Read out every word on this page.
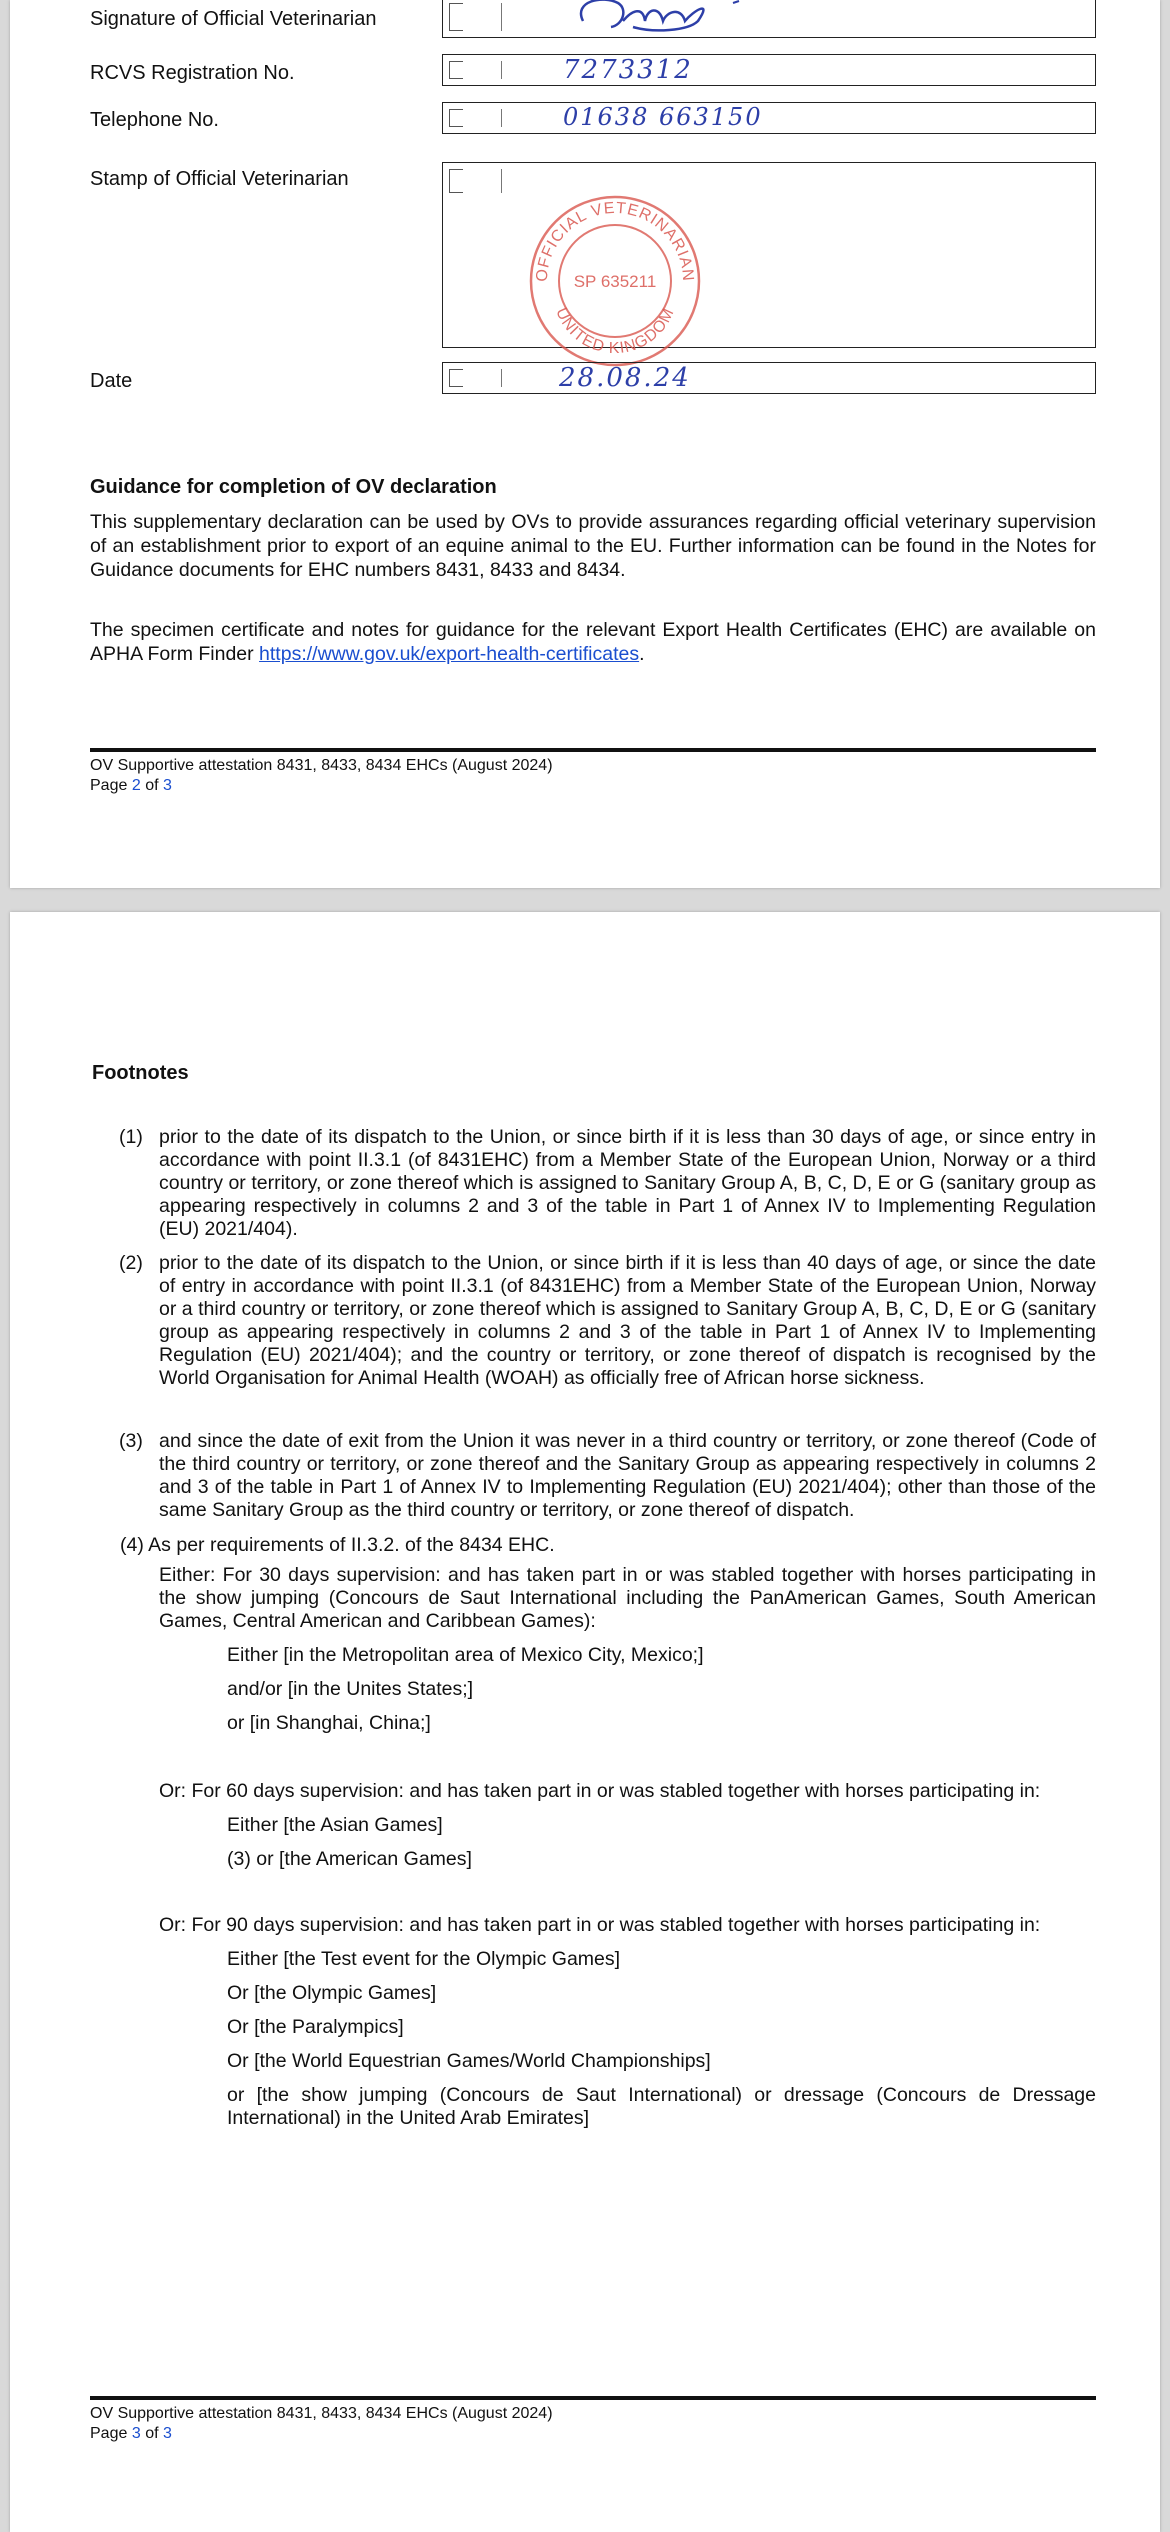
Signature of Official Veterinarian
RCVS Registration No.	7273312
Telephone No.	01638 663150
Stamp of Official Veterinarian
OFFICIAL VETERINARIAN
UNITED KINGDOM
SP 635211
Date	28.08.24
Guidance for completion of OV declaration
This supplementary declaration can be used by OVs to provide assurances regarding official veterinary supervision of an establishment prior to export of an equine animal to the EU. Further information can be found in the Notes for Guidance documents for EHC numbers 8431, 8433 and 8434.
The specimen certificate and notes for guidance for the relevant Export Health Certificates (EHC) are available on APHA Form Finder https://www.gov.uk/export-health-certificates.
OV Supportive attestation 8431, 8433, 8434 EHCs (August 2024)
Page 2 of 3
Footnotes
(1) prior to the date of its dispatch to the Union, or since birth if it is less than 30 days of age, or since entry in accordance with point II.3.1 (of 8431EHC) from a Member State of the European Union, Norway or a third country or territory, or zone thereof which is assigned to Sanitary Group A, B, C, D, E or G (sanitary group as appearing respectively in columns 2 and 3 of the table in Part 1 of Annex IV to Implementing Regulation (EU) 2021/404).
(2) prior to the date of its dispatch to the Union, or since birth if it is less than 40 days of age, or since the date of entry in accordance with point II.3.1 (of 8431EHC) from a Member State of the European Union, Norway or a third country or territory, or zone thereof which is assigned to Sanitary Group A, B, C, D, E or G (sanitary group as appearing respectively in columns 2 and 3 of the table in Part 1 of Annex IV to Implementing Regulation (EU) 2021/404); and the country or territory, or zone thereof of dispatch is recognised by the World Organisation for Animal Health (WOAH) as officially free of African horse sickness.
(3) and since the date of exit from the Union it was never in a third country or territory, or zone thereof (Code of the third country or territory, or zone thereof and the Sanitary Group as appearing respectively in columns 2 and 3 of the table in Part 1 of Annex IV to Implementing Regulation (EU) 2021/404); other than those of the same Sanitary Group as the third country or territory, or zone thereof of dispatch.
(4) As per requirements of II.3.2. of the 8434 EHC.
Either: For 30 days supervision: and has taken part in or was stabled together with horses participating in the show jumping (Concours de Saut International including the PanAmerican Games, South American Games, Central American and Caribbean Games):
Either [in the Metropolitan area of Mexico City, Mexico;]
and/or [in the Unites States;]
or [in Shanghai, China;]
Or: For 60 days supervision: and has taken part in or was stabled together with horses participating in:
Either [the Asian Games]
(3) or [the American Games]
Or: For 90 days supervision: and has taken part in or was stabled together with horses participating in:
Either [the Test event for the Olympic Games]
Or [the Olympic Games]
Or [the Paralympics]
Or [the World Equestrian Games/World Championships]
or [the show jumping (Concours de Saut International) or dressage (Concours de Dressage International) in the United Arab Emirates]
OV Supportive attestation 8431, 8433, 8434 EHCs (August 2024)
Page 3 of 3
